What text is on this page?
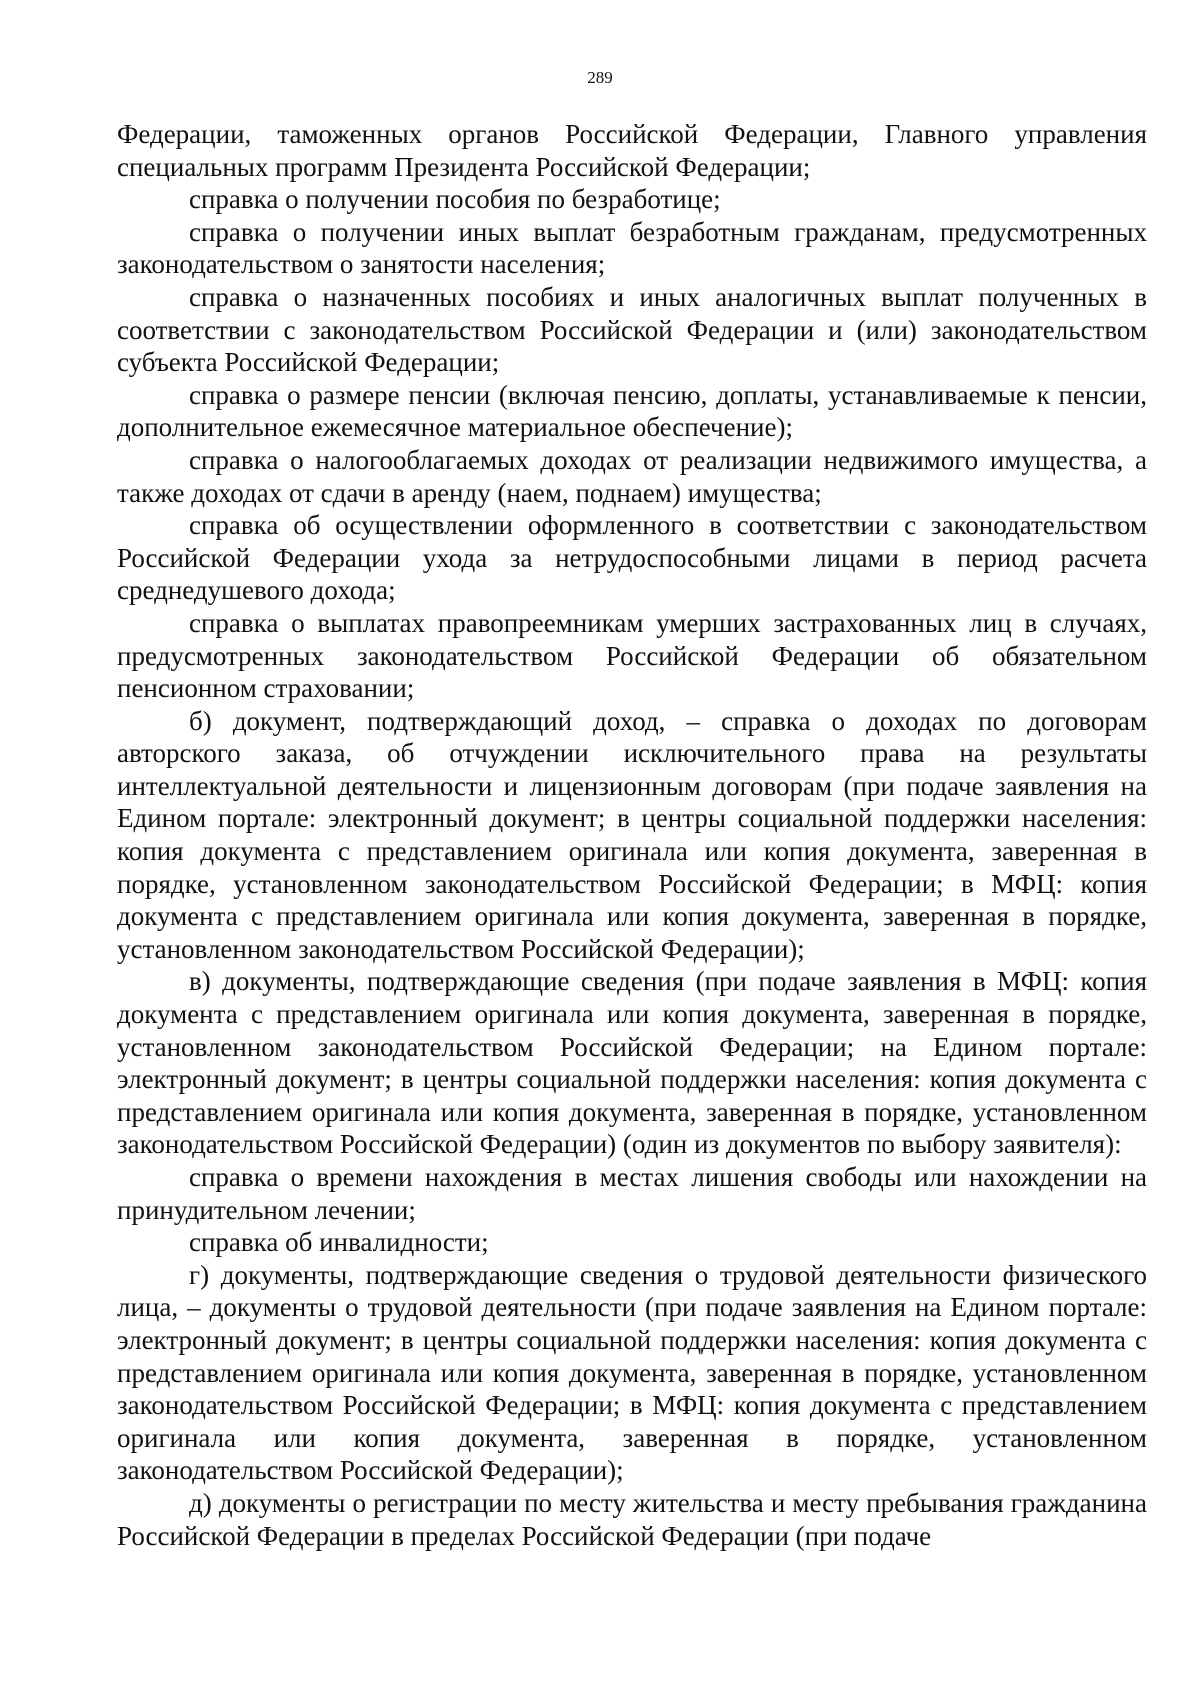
289

Федерации, таможенных органов Российской Федерации, Главного управления специальных программ Президента Российской Федерации;

справка о получении пособия по безработице;

справка о получении иных выплат безработным гражданам, предусмотренных законодательством о занятости населения;

справка о назначенных пособиях и иных аналогичных выплат полученных в соответствии с законодательством Российской Федерации и (или) законодательством субъекта Российской Федерации;

справка о размере пенсии (включая пенсию, доплаты, устанавливаемые к пенсии, дополнительное ежемесячное материальное обеспечение);

справка о налогооблагаемых доходах от реализации недвижимого имущества, а также доходах от сдачи в аренду (наем, поднаем) имущества;

справка об осуществлении оформленного в соответствии с законодательством Российской Федерации ухода за нетрудоспособными лицами в период расчета среднедушевого дохода;

справка о выплатах правопреемникам умерших застрахованных лиц в случаях, предусмотренных законодательством Российской Федерации об обязательном пенсионном страховании;

б) документ, подтверждающий доход, – справка о доходах по договорам авторского заказа, об отчуждении исключительного права на результаты интеллектуальной деятельности и лицензионным договорам (при подаче заявления на Едином портале: электронный документ; в центры социальной поддержки населения: копия документа с представлением оригинала или копия документа, заверенная в порядке, установленном законодательством Российской Федерации; в МФЦ: копия документа с представлением оригинала или копия документа, заверенная в порядке, установленном законодательством Российской Федерации);

в) документы, подтверждающие сведения (при подаче заявления в МФЦ: копия документа с представлением оригинала или копия документа, заверенная в порядке, установленном законодательством Российской Федерации; на Едином портале: электронный документ; в центры социальной поддержки населения: копия документа с представлением оригинала или копия документа, заверенная в порядке, установленном законодательством Российской Федерации) (один из документов по выбору заявителя):

справка о времени нахождения в местах лишения свободы или нахождении на принудительном лечении;

справка об инвалидности;

г) документы, подтверждающие сведения о трудовой деятельности физического лица, – документы о трудовой деятельности (при подаче заявления на Едином портале: электронный документ; в центры социальной поддержки населения: копия документа с представлением оригинала или копия документа, заверенная в порядке, установленном законодательством Российской Федерации; в МФЦ: копия документа с представлением оригинала или копия документа, заверенная в порядке, установленном законодательством Российской Федерации);

д) документы о регистрации по месту жительства и месту пребывания гражданина Российской Федерации в пределах Российской Федерации (при подаче
